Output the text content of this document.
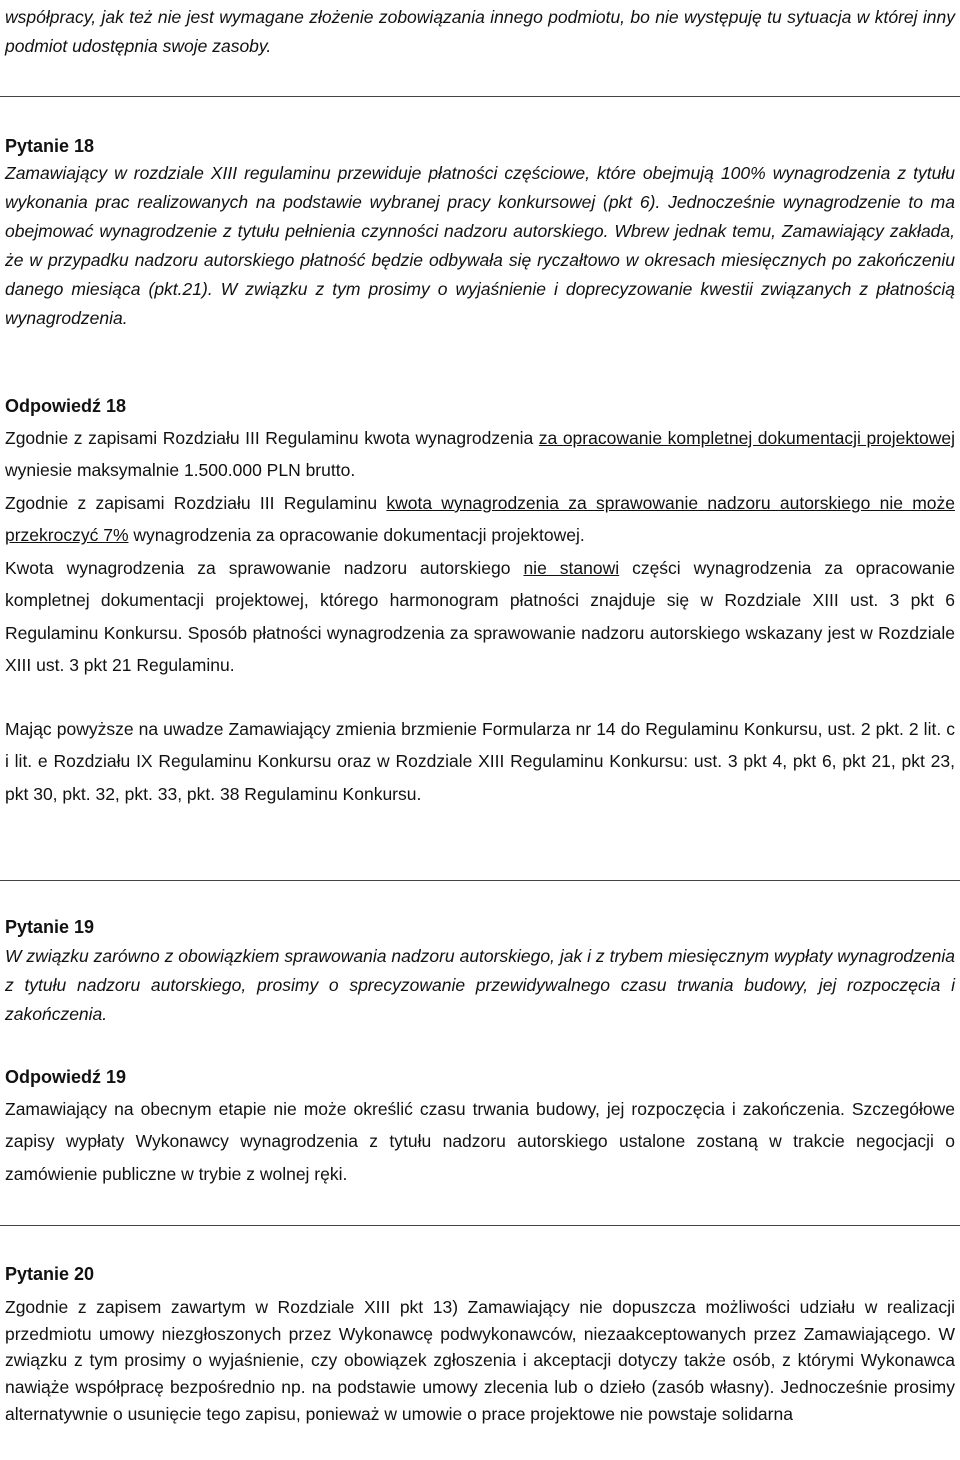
współpracy, jak też nie jest wymagane złożenie zobowiązania innego podmiotu, bo nie występuję tu sytuacja w której inny podmiot udostępnia swoje zasoby.

Pytanie 18

Zamawiający w rozdziale XIII regulaminu przewiduje płatności częściowe, które obejmują 100% wynagrodzenia z tytułu wykonania prac realizowanych na podstawie wybranej pracy konkursowej (pkt 6). Jednocześnie wynagrodzenie to ma obejmować wynagrodzenie z tytułu pełnienia czynności nadzoru autorskiego. Wbrew jednak temu, Zamawiający zakłada, że w przypadku nadzoru autorskiego płatność będzie odbywała się ryczałtowo w okresach miesięcznych po zakończeniu danego miesiąca (pkt.21). W związku z tym prosimy o wyjaśnienie i doprecyzowanie kwestii związanych z płatnością wynagrodzenia.

Odpowiedź 18

Zgodnie z zapisami Rozdziału III Regulaminu kwota wynagrodzenia za opracowanie kompletnej dokumentacji projektowej wyniesie maksymalnie 1.500.000 PLN brutto.

Zgodnie z zapisami Rozdziału III Regulaminu kwota wynagrodzenia za sprawowanie nadzoru autorskiego nie może przekroczyć 7% wynagrodzenia za opracowanie dokumentacji projektowej.

Kwota wynagrodzenia za sprawowanie nadzoru autorskiego nie stanowi części wynagrodzenia za opracowanie kompletnej dokumentacji projektowej, którego harmonogram płatności znajduje się w Rozdziale XIII ust. 3 pkt 6 Regulaminu Konkursu. Sposób płatności wynagrodzenia za sprawowanie nadzoru autorskiego wskazany jest w Rozdziale XIII ust. 3 pkt 21 Regulaminu.

Mając powyższe na uwadze Zamawiający zmienia brzmienie Formularza nr 14 do Regulaminu Konkursu, ust. 2 pkt. 2 lit. c i lit. e Rozdziału IX Regulaminu Konkursu oraz w Rozdziale XIII Regulaminu Konkursu: ust. 3 pkt 4, pkt 6, pkt 21, pkt 23, pkt 30, pkt. 32, pkt. 33, pkt. 38 Regulaminu Konkursu.

Pytanie 19

W związku zarówno z obowiązkiem sprawowania nadzoru autorskiego, jak i z trybem miesięcznym wypłaty wynagrodzenia z tytułu nadzoru autorskiego, prosimy o sprecyzowanie przewidywalnego czasu trwania budowy, jej rozpoczęcia i zakończenia.

Odpowiedź 19

Zamawiający na obecnym etapie nie może określić czasu trwania budowy, jej rozpoczęcia i zakończenia. Szczegółowe zapisy wypłaty Wykonawcy wynagrodzenia z tytułu nadzoru autorskiego ustalone zostaną w trakcie negocjacji o zamówienie publiczne w trybie z wolnej ręki.

Pytanie 20

Zgodnie z zapisem zawartym w Rozdziale XIII pkt 13) Zamawiający nie dopuszcza możliwości udziału w realizacji przedmiotu umowy niezgłoszonych przez Wykonawcę podwykonawców, niezaakceptowanych przez Zamawiającego. W związku z tym prosimy o wyjaśnienie, czy obowiązek zgłoszenia i akceptacji dotyczy także osób, z którymi Wykonawca nawiąże współpracę bezpośrednio np. na podstawie umowy zlecenia lub o dzieło (zasób własny). Jednocześnie prosimy alternatywnie o usunięcie tego zapisu, ponieważ w umowie o prace projektowe nie powstaje solidarna
